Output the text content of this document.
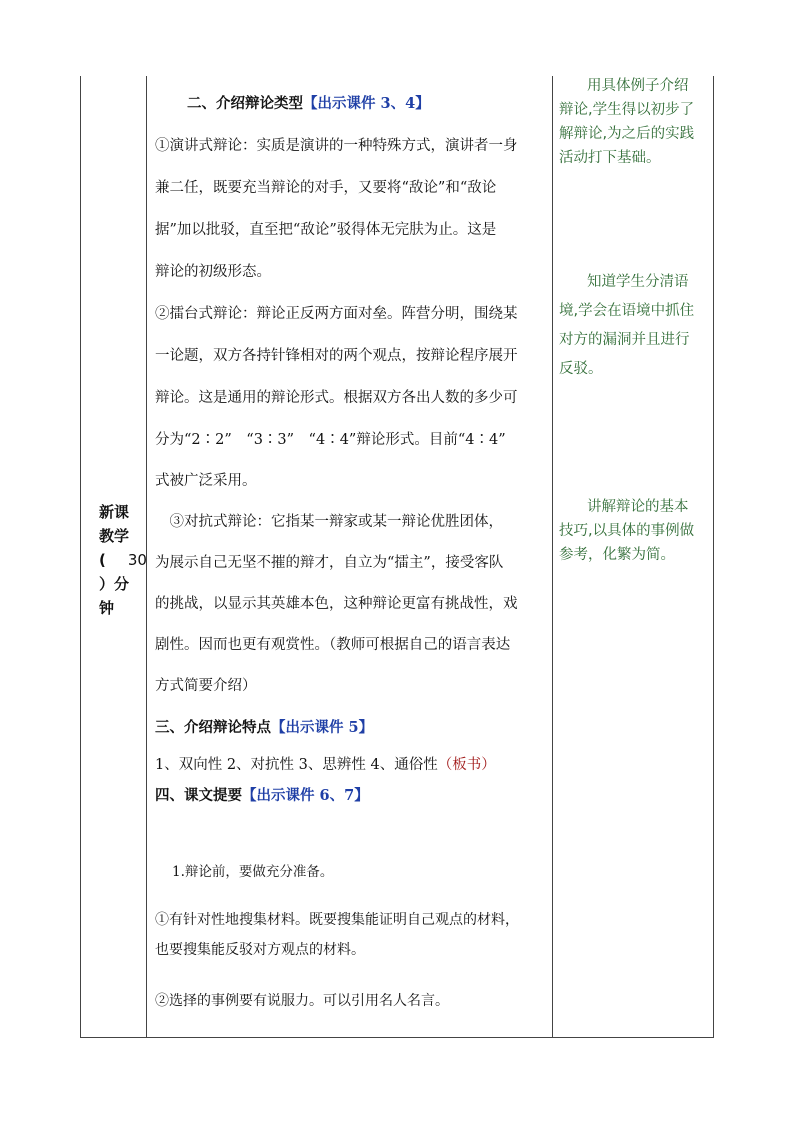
新课
教学
( 30
）分
钟
二、介绍辩论类型【出示课件 3、4】
①演讲式辩论：实质是演讲的一种特殊方式，演讲者一身
兼二任，既要充当辩论的对手，又要将“敌论”和“敌论
据”加以批驳，直至把“敌论”驳得体无完肤为止。这是
辩论的初级形态。
②擂台式辩论：辩论正反两方面对垒。阵营分明，围绕某
一论题，双方各持针锋相对的两个观点，按辩论程序展开
辩论。这是通用的辩论形式。根据双方各出人数的多少可
分为“2∶2”　“3∶3”　“4∶4”辩论形式。目前“4∶4”
式被广泛采用。
　③对抗式辩论：它指某一辩家或某一辩论优胜团体，
为展示自己无坚不摧的辩才，自立为“擂主”，接受客队
的挑战，以显示其英雄本色，这种辩论更富有挑战性，戏
剧性。因而也更有观赏性。（教师可根据自己的语言表达
方式简要介绍）
三、介绍辩论特点【出示课件 5】
1、双向性 2、对抗性 3、思辨性 4、通俗性（板书）
四、课文提要【出示课件 6、7】
1.辩论前，要做充分准备。
①有针对性地搜集材料。既要搜集能证明自己观点的材料，
也要搜集能反驳对方观点的材料。
②选择的事例要有说服力。可以引用名人名言。
用具体例子介绍
辩论,学生得以初步了
解辩论,为之后的实践
活动打下基础。
知道学生分清语
境,学会在语境中抓住
对方的漏洞并且进行
反驳。
讲解辩论的基本
技巧,以具体的事例做
参考，化繁为简。
